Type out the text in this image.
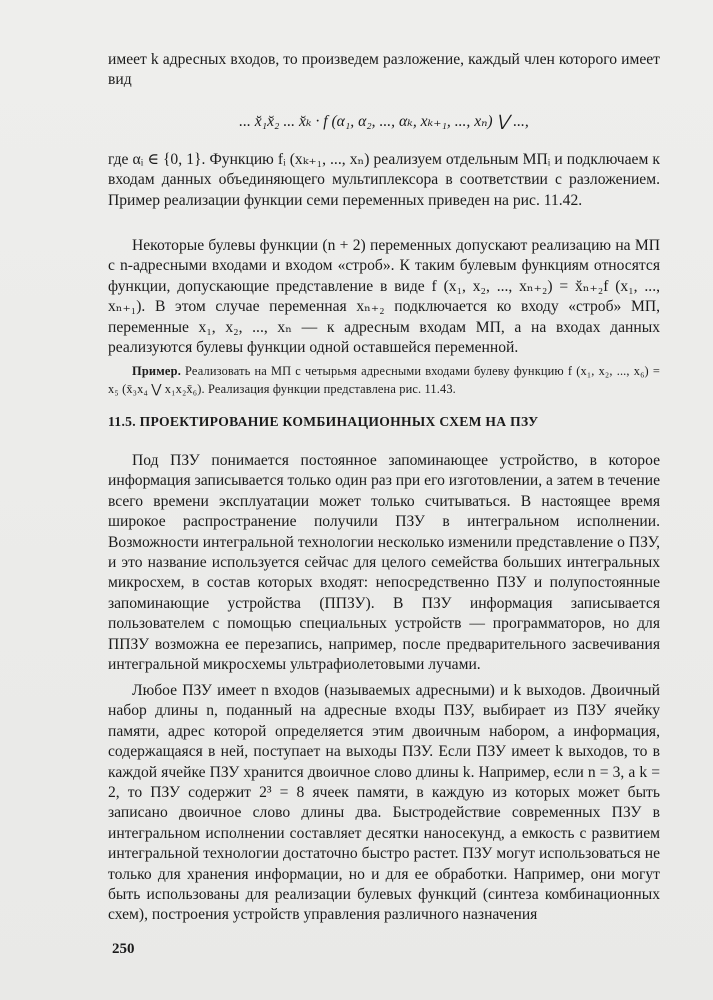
имеет k адресных входов, то произведем разложение, каждый член которого имеет вид

... x̆₁x̆₂ ... x̆ₖ · f (α₁, α₂, ..., αₖ, xₖ₊₁, ..., xₙ) ⋁ ...,

где αᵢ ∈ {0, 1}. Функцию fᵢ (xₖ₊₁, ..., xₙ) реализуем отдельным МПᵢ и подключаем к входам данных объединяющего мультиплексора в соответствии с разложением. Пример реализации функции семи переменных приведен на рис. 11.42.

Некоторые булевы функции (n + 2) переменных допускают реализацию на МП с n-адресными входами и входом «строб». К таким булевым функциям относятся функции, допускающие представление в виде f (x₁, x₂, ..., xₙ₊₂) = x̆ₙ₊₂f (x₁, ..., xₙ₊₁). В этом случае переменная xₙ₊₂ подключается ко входу «строб» МП, переменные x₁, x₂, ..., xₙ — к адресным входам МП, а на входах данных реализуются булевы функции одной оставшейся переменной.

Пример. Реализовать на МП с четырьмя адресными входами булеву функцию f (x₁, x₂, ..., x₆) = x₅ (x̄₃x₄ ⋁ x₁x₂x̄₆). Реализация функции представлена рис. 11.43.
11.5. ПРОЕКТИРОВАНИЕ КОМБИНАЦИОННЫХ СХЕМ НА ПЗУ

Под ПЗУ понимается постоянное запоминающее устройство, в которое информация записывается только один раз при его изготовлении, а затем в течение всего времени эксплуатации может только считываться. В настоящее время широкое распространение получили ПЗУ в интегральном исполнении. Возможности интегральной технологии несколько изменили представление о ПЗУ, и это название используется сейчас для целого семейства больших интегральных микросхем, в состав которых входят: непосредственно ПЗУ и полупостоянные запоминающие устройства (ППЗУ). В ПЗУ информация записывается пользователем с помощью специальных устройств — программаторов, но для ППЗУ возможна ее перезапись, например, после предварительного засвечивания интегральной микросхемы ультрафиолетовыми лучами.

Любое ПЗУ имеет n входов (называемых адресными) и k выходов. Двоичный набор длины n, поданный на адресные входы ПЗУ, выбирает из ПЗУ ячейку памяти, адрес которой определяется этим двоичным набором, а информация, содержащаяся в ней, поступает на выходы ПЗУ. Если ПЗУ имеет k выходов, то в каждой ячейке ПЗУ хранится двоичное слово длины k. Например, если n = 3, а k = 2, то ПЗУ содержит 2³ = 8 ячеек памяти, в каждую из которых может быть записано двоичное слово длины два. Быстродействие современных ПЗУ в интегральном исполнении составляет десятки наносекунд, а емкость с развитием интегральной технологии достаточно быстро растет. ПЗУ могут использоваться не только для хранения информации, но и для ее обработки. Например, они могут быть использованы для реализации булевых функций (синтеза комбинационных схем), построения устройств управления различного назначения

250
